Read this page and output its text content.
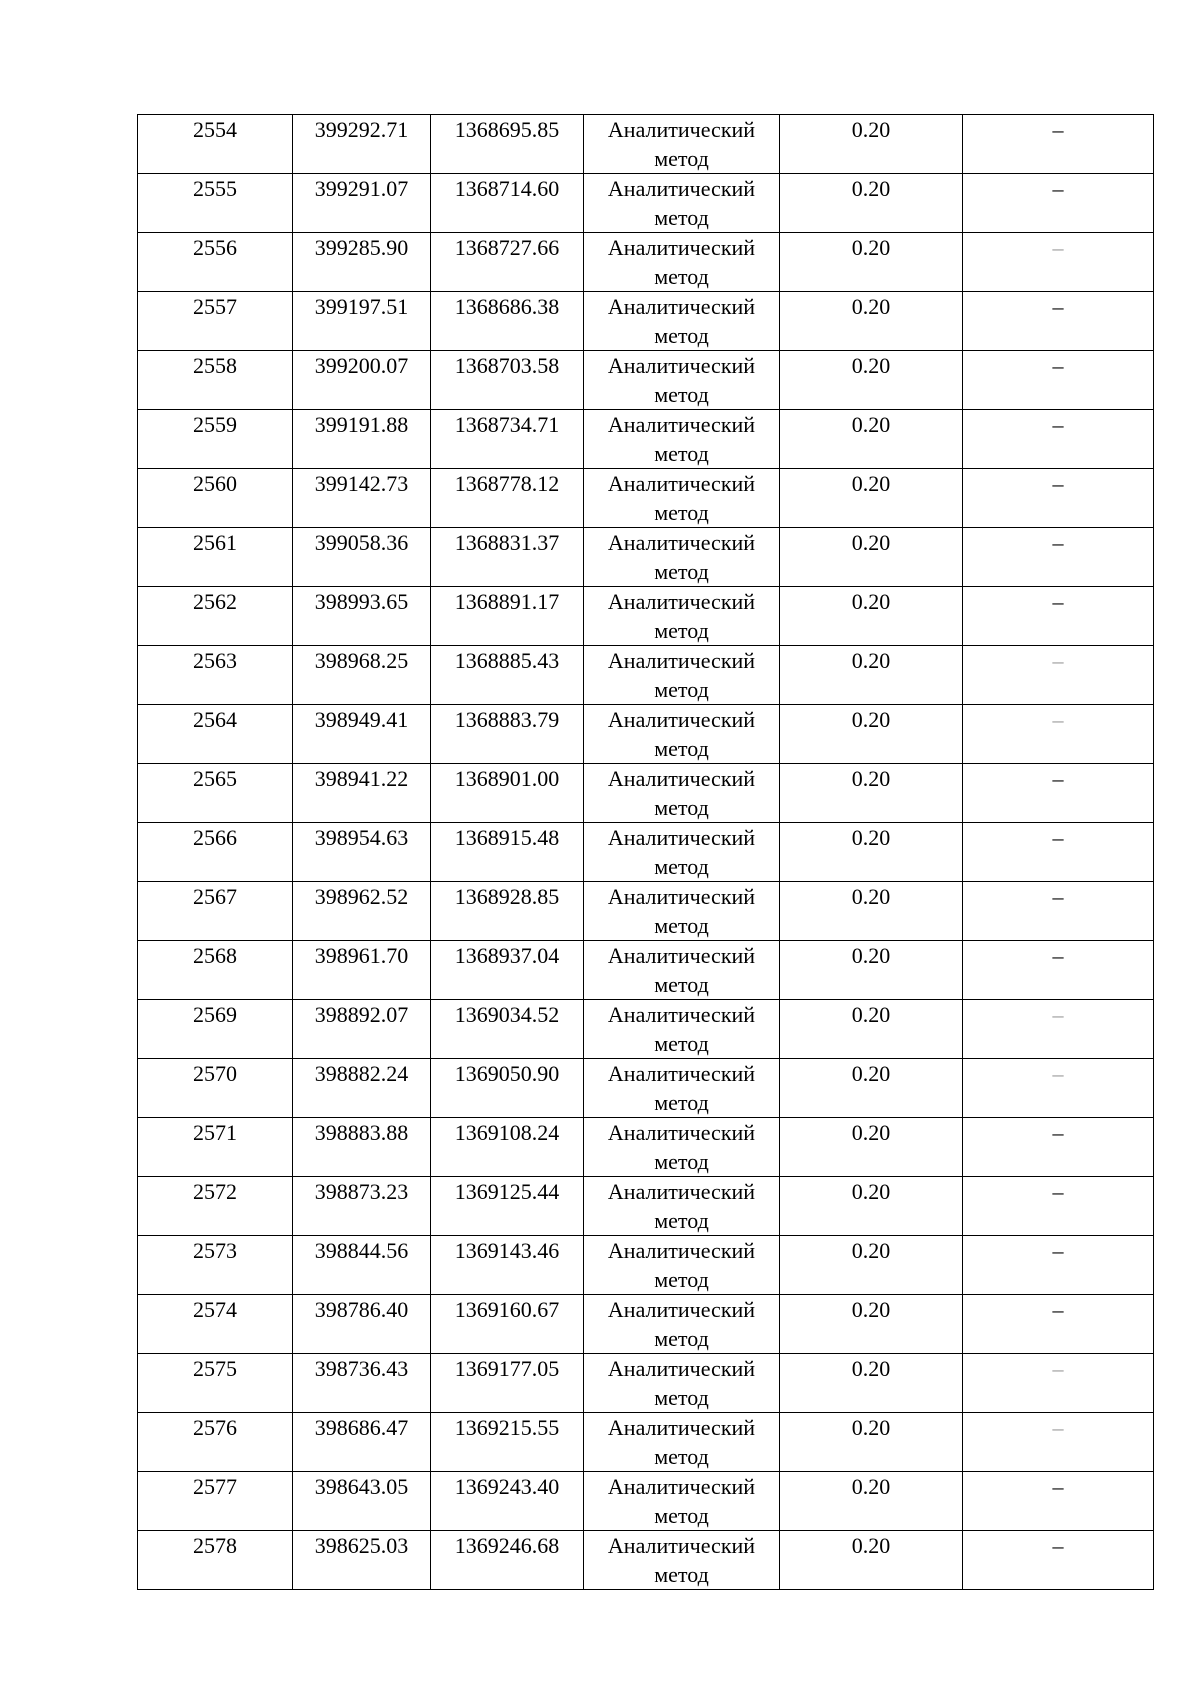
2554	399292.71	1368695.85	Аналитический
метод	0.20	–

2555	399291.07	1368714.60	Аналитический
метод	0.20	–

2556	399285.90	1368727.66	Аналитический
метод	0.20	–

2557	399197.51	1368686.38	Аналитический
метод	0.20	–

2558	399200.07	1368703.58	Аналитический
метод	0.20	–

2559	399191.88	1368734.71	Аналитический
метод	0.20	–

2560	399142.73	1368778.12	Аналитический
метод	0.20	–

2561	399058.36	1368831.37	Аналитический
метод	0.20	–

2562	398993.65	1368891.17	Аналитический
метод	0.20	–

2563	398968.25	1368885.43	Аналитический
метод	0.20	–

2564	398949.41	1368883.79	Аналитический
метод	0.20	–

2565	398941.22	1368901.00	Аналитический
метод	0.20	–

2566	398954.63	1368915.48	Аналитический
метод	0.20	–

2567	398962.52	1368928.85	Аналитический
метод	0.20	–

2568	398961.70	1368937.04	Аналитический
метод	0.20	–

2569	398892.07	1369034.52	Аналитический
метод	0.20	–

2570	398882.24	1369050.90	Аналитический
метод	0.20	–

2571	398883.88	1369108.24	Аналитический
метод	0.20	–

2572	398873.23	1369125.44	Аналитический
метод	0.20	–

2573	398844.56	1369143.46	Аналитический
метод	0.20	–

2574	398786.40	1369160.67	Аналитический
метод	0.20	–

2575	398736.43	1369177.05	Аналитический
метод	0.20	–

2576	398686.47	1369215.55	Аналитический
метод	0.20	–

2577	398643.05	1369243.40	Аналитический
метод	0.20	–

2578	398625.03	1369246.68	Аналитический
метод	0.20	–
